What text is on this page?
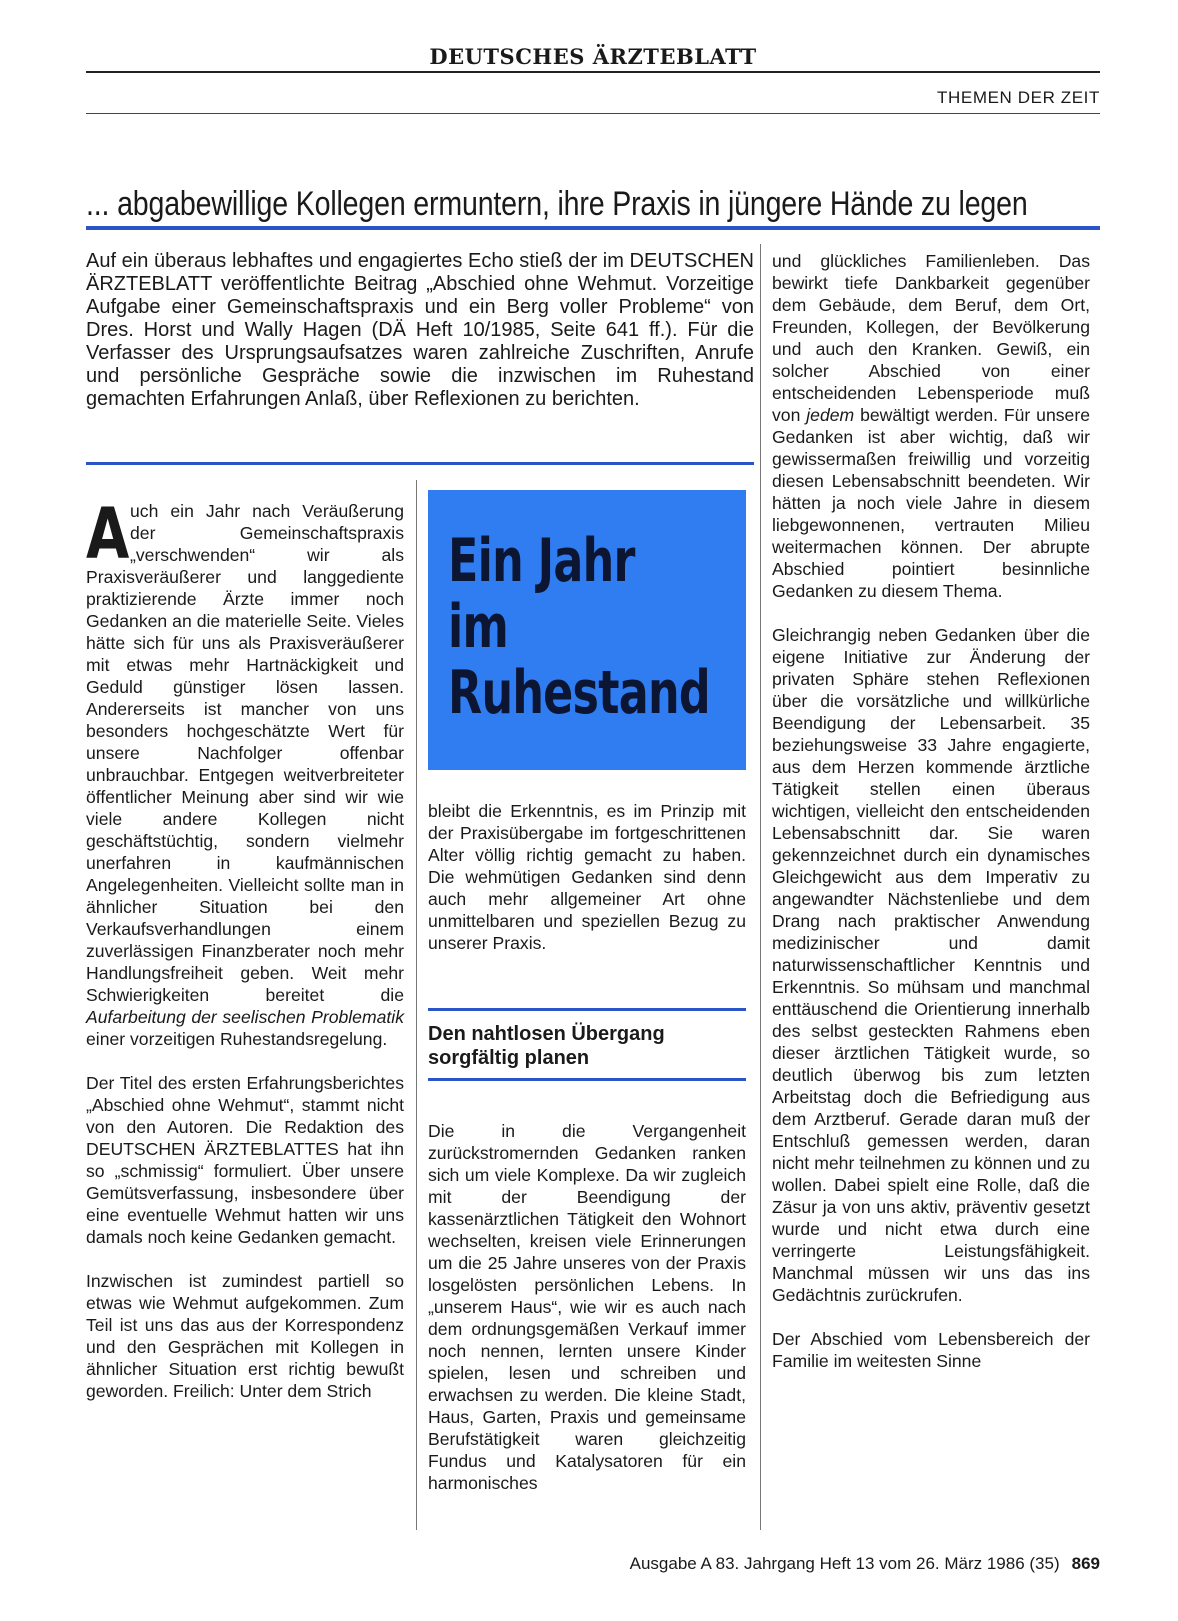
DEUTSCHES ÄRZTEBLATT
THEMEN DER ZEIT
... abgabewillige Kollegen ermuntern, ihre Praxis in jüngere Hände zu legen

Auf ein überaus lebhaftes und engagiertes Echo stieß der im DEUTSCHEN ÄRZTEBLATT veröffentlichte Beitrag „Abschied ohne Wehmut. Vorzeitige Aufgabe einer Gemeinschaftspraxis und ein Berg voller Probleme“ von Dres. Horst und Wally Hagen (DÄ Heft 10/1985, Seite 641 ff.). Für die Verfasser des Ursprungsaufsatzes waren zahlreiche Zuschriften, Anrufe und persönliche Gespräche sowie die inzwischen im Ruhestand gemachten Erfahrungen Anlaß, über Reflexionen zu berichten.

Auch ein Jahr nach Veräußerung der Gemeinschaftspraxis „verschwenden“ wir als Praxisveräußerer und langgediente praktizierende Ärzte immer noch Gedanken an die materielle Seite. Vieles hätte sich für uns als Praxisveräußerer mit etwas mehr Hartnäckigkeit und Geduld günstiger lösen lassen. Andererseits ist mancher von uns besonders hochgeschätzte Wert für unsere Nachfolger offenbar unbrauchbar. Entgegen weitverbreiteter öffentlicher Meinung aber sind wir wie viele andere Kollegen nicht geschäftstüchtig, sondern vielmehr unerfahren in kaufmännischen Angelegenheiten. Vielleicht sollte man in ähnlicher Situation bei den Verkaufsverhandlungen einem zuverlässigen Finanzberater noch mehr Handlungsfreiheit geben. Weit mehr Schwierigkeiten bereitet die Aufarbeitung der seelischen Problematik einer vorzeitigen Ruhestandsregelung.

Der Titel des ersten Erfahrungsberichtes „Abschied ohne Wehmut“, stammt nicht von den Autoren. Die Redaktion des DEUTSCHEN ÄRZTEBLATTES hat ihn so „schmissig“ formuliert. Über unsere Gemütsverfassung, insbesondere über eine eventuelle Wehmut hatten wir uns damals noch keine Gedanken gemacht.

Inzwischen ist zumindest partiell so etwas wie Wehmut aufgekommen. Zum Teil ist uns das aus der Korrespondenz und den Gesprächen mit Kollegen in ähnlicher Situation erst richtig bewußt geworden. Freilich: Unter dem Strich

Ein Jahr
im
Ruhestand

bleibt die Erkenntnis, es im Prinzip mit der Praxisübergabe im fortgeschrittenen Alter völlig richtig gemacht zu haben. Die wehmütigen Gedanken sind denn auch mehr allgemeiner Art ohne unmittelbaren und speziellen Bezug zu unserer Praxis.

Den nahtlosen Übergang sorgfältig planen

Die in die Vergangenheit zurückstromernden Gedanken ranken sich um viele Komplexe. Da wir zugleich mit der Beendigung der kassenärztlichen Tätigkeit den Wohnort wechselten, kreisen viele Erinnerungen um die 25 Jahre unseres von der Praxis losgelösten persönlichen Lebens. In „unserem Haus“, wie wir es auch nach dem ordnungsgemäßen Verkauf immer noch nennen, lernten unsere Kinder spielen, lesen und schreiben und erwachsen zu werden. Die kleine Stadt, Haus, Garten, Praxis und gemeinsame Berufstätigkeit waren gleichzeitig Fundus und Katalysatoren für ein harmonisches

und glückliches Familienleben. Das bewirkt tiefe Dankbarkeit gegenüber dem Gebäude, dem Beruf, dem Ort, Freunden, Kollegen, der Bevölkerung und auch den Kranken. Gewiß, ein solcher Abschied von einer entscheidenden Lebensperiode muß von jedem bewältigt werden. Für unsere Gedanken ist aber wichtig, daß wir gewissermaßen freiwillig und vorzeitig diesen Lebensabschnitt beendeten. Wir hätten ja noch viele Jahre in diesem liebgewonnenen, vertrauten Milieu weitermachen können. Der abrupte Abschied pointiert besinnliche Gedanken zu diesem Thema.

Gleichrangig neben Gedanken über die eigene Initiative zur Änderung der privaten Sphäre stehen Reflexionen über die vorsätzliche und willkürliche Beendigung der Lebensarbeit. 35 beziehungsweise 33 Jahre engagierte, aus dem Herzen kommende ärztliche Tätigkeit stellen einen überaus wichtigen, vielleicht den entscheidenden Lebensabschnitt dar. Sie waren gekennzeichnet durch ein dynamisches Gleichgewicht aus dem Imperativ zu angewandter Nächstenliebe und dem Drang nach praktischer Anwendung medizinischer und damit naturwissenschaftlicher Kenntnis und Erkenntnis. So mühsam und manchmal enttäuschend die Orientierung innerhalb des selbst gesteckten Rahmens eben dieser ärztlichen Tätigkeit wurde, so deutlich überwog bis zum letzten Arbeitstag doch die Befriedigung aus dem Arztberuf. Gerade daran muß der Entschluß gemessen werden, daran nicht mehr teilnehmen zu können und zu wollen. Dabei spielt eine Rolle, daß die Zäsur ja von uns aktiv, präventiv gesetzt wurde und nicht etwa durch eine verringerte Leistungsfähigkeit. Manchmal müssen wir uns das ins Gedächtnis zurückrufen.

Der Abschied vom Lebensbereich der Familie im weitesten Sinne

Ausgabe A 83. Jahrgang Heft 13 vom 26. März 1986 (35) 869
